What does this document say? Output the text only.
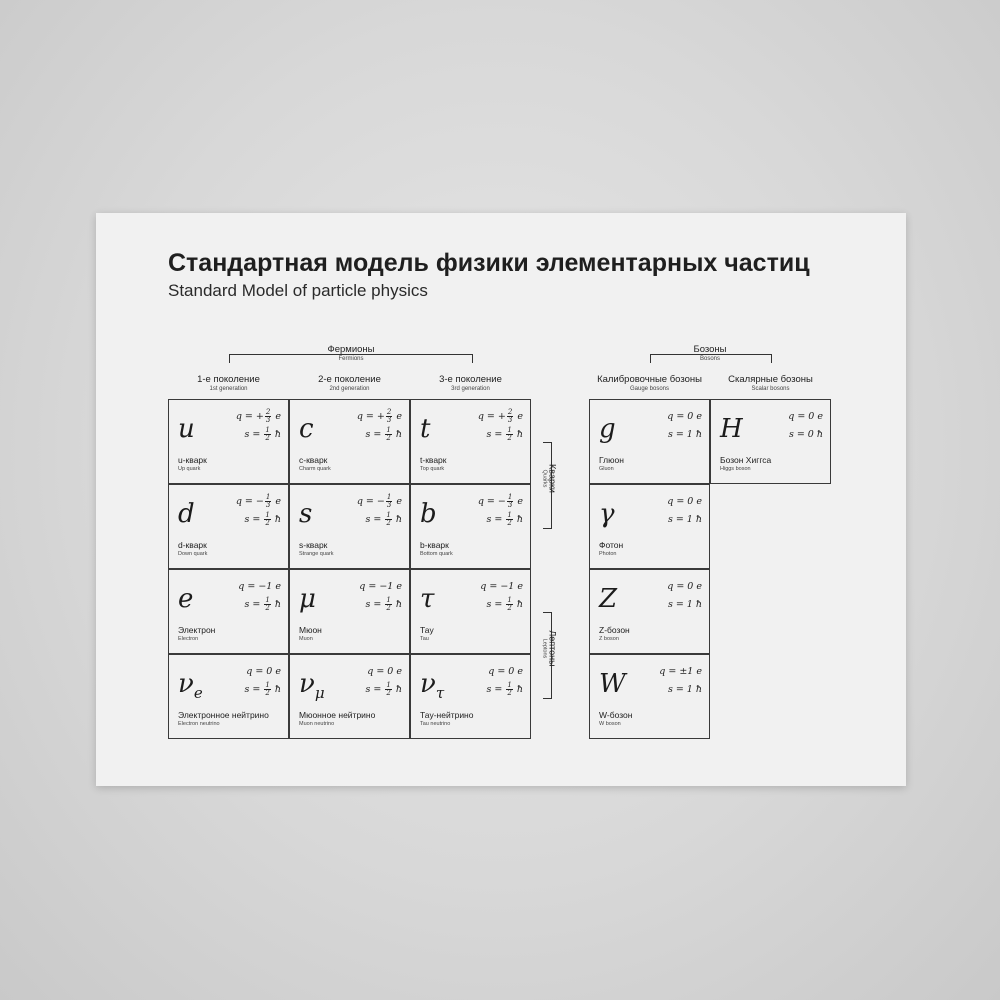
Стандартная модель физики элементарных частиц
Standard Model of particle physics
Фермионы
Fermions
Бозоны
Bosons
1-е поколение
1st generation
2-е поколение
2nd generation
3-е поколение
3rd generation
Калибровочные бозоны
Gauge bosons
Скалярные бозоны
Scalar bosons
Кварки
Quarks
Лептоны
Leptons
u	q = + $\frac{2}{3}$ e
$s = \frac{1}{2}$ ħ
u-кварк
Up quark
c	q = + $\frac{2}{3}$ e
$s = \frac{1}{2}$ ħ
c-кварк
Charm quark
t	q = + $\frac{2}{3}$ e
$s = \frac{1}{2}$ ħ
t-кварк
Top quark
d	q = − $\frac{1}{3}$ e
$s = \frac{1}{2}$ ħ
d-кварк
Down quark
s	q = − $\frac{1}{3}$ e
$s = \frac{1}{2}$ ħ
s-кварк
Strange quark
b	q = − $\frac{1}{3}$ e
$s = \frac{1}{2}$ ħ
b-кварк
Bottom quark
e	q = −1 e
$s = \frac{1}{2}$ ħ
Электрон
Electron
μ	q = −1 e
$s = \frac{1}{2}$ ħ
Мюон
Muon
τ	q = −1 e
$s = \frac{1}{2}$ ħ
Тау
Tau
$\nu_e$
q = 0 e
$s = \frac{1}{2}$ ħ
Электронное нейтрино
Electron neutrino
$\nu_\mu$
q = 0 e
$s = \frac{1}{2}$ ħ
Мюонное нейтрино
Muon neutrino
$\nu_\tau$
q = 0 e
$s = \frac{1}{2}$ ħ
Тау-нейтрино
Tau neutrino
g	q = 0 e
s = 1 ħ
Глюон
Gluon
γ	q = 0 e
s = 1 ħ
Фотон
Photon
Z	q = 0 e
s = 1 ħ
Z-бозон
Z boson
W	q = ±1 e
s = 1 ħ
W-бозон
W boson
H	q = 0 e
s = 0 ħ
Бозон Хиггса
Higgs boson
